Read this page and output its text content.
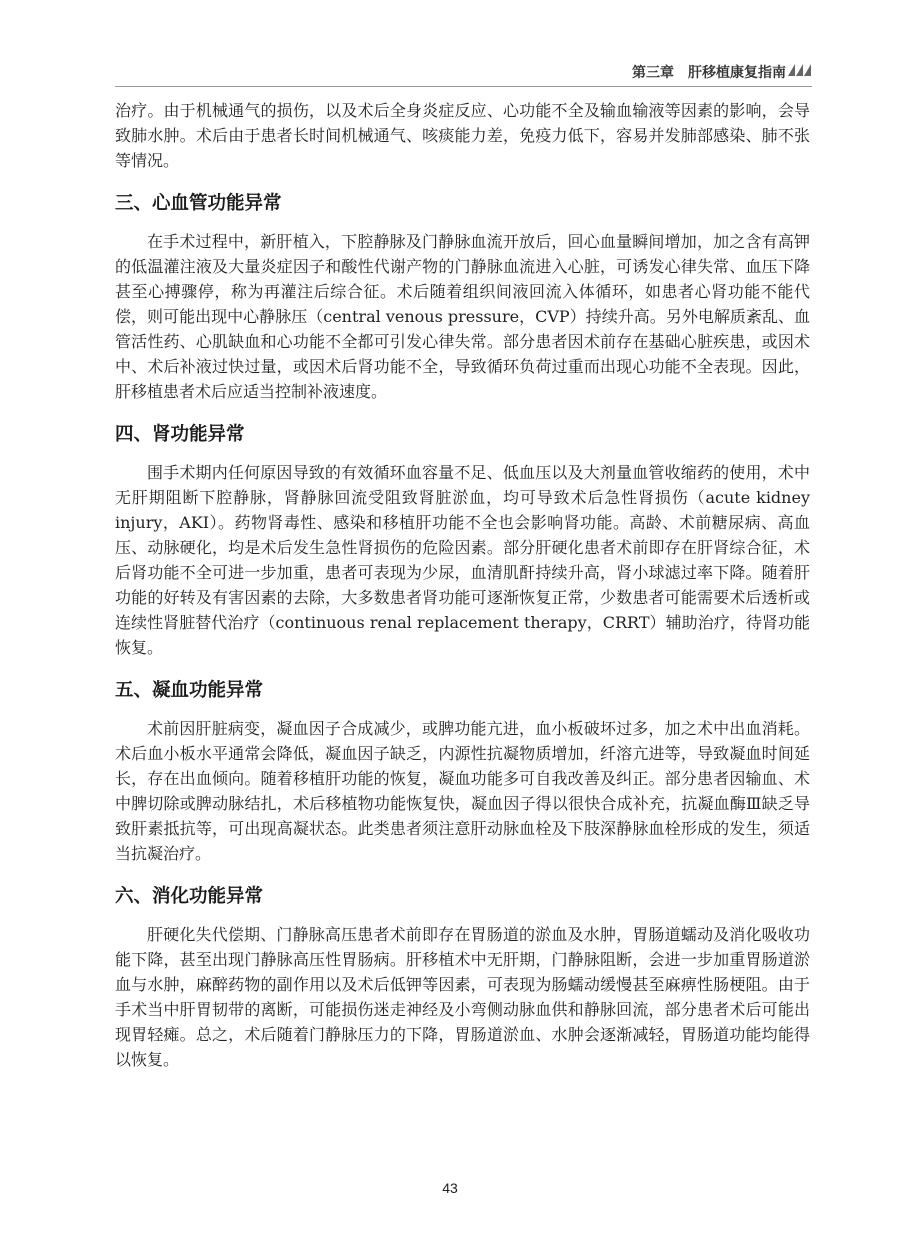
第三章　肝移植康复指南

治疗。由于机械通气的损伤，以及术后全身炎症反应、心功能不全及输血输液等因素的影响，会导致肺水肿。术后由于患者长时间机械通气、咳痰能力差，免疫力低下，容易并发肺部感染、肺不张等情况。

三、心血管功能异常

在手术过程中，新肝植入，下腔静脉及门静脉血流开放后，回心血量瞬间增加，加之含有高钾的低温灌注液及大量炎症因子和酸性代谢产物的门静脉血流进入心脏，可诱发心律失常、血压下降甚至心搏骤停，称为再灌注后综合征。术后随着组织间液回流入体循环，如患者心肾功能不能代偿，则可能出现中心静脉压（central venous pressure，CVP）持续升高。另外电解质紊乱、血管活性药、心肌缺血和心功能不全都可引发心律失常。部分患者因术前存在基础心脏疾患，或因术中、术后补液过快过量，或因术后肾功能不全，导致循环负荷过重而出现心功能不全表现。因此，肝移植患者术后应适当控制补液速度。

四、肾功能异常

围手术期内任何原因导致的有效循环血容量不足、低血压以及大剂量血管收缩药的使用，术中无肝期阻断下腔静脉，肾静脉回流受阻致肾脏淤血，均可导致术后急性肾损伤（acute kidney injury，AKI）。药物肾毒性、感染和移植肝功能不全也会影响肾功能。高龄、术前糖尿病、高血压、动脉硬化，均是术后发生急性肾损伤的危险因素。部分肝硬化患者术前即存在肝肾综合征，术后肾功能不全可进一步加重，患者可表现为少尿，血清肌酐持续升高，肾小球滤过率下降。随着肝功能的好转及有害因素的去除，大多数患者肾功能可逐渐恢复正常，少数患者可能需要术后透析或连续性肾脏替代治疗（continuous renal replacement therapy，CRRT）辅助治疗，待肾功能恢复。

五、凝血功能异常

术前因肝脏病变，凝血因子合成减少，或脾功能亢进，血小板破坏过多，加之术中出血消耗。术后血小板水平通常会降低，凝血因子缺乏，内源性抗凝物质增加，纤溶亢进等，导致凝血时间延长，存在出血倾向。随着移植肝功能的恢复，凝血功能多可自我改善及纠正。部分患者因输血、术中脾切除或脾动脉结扎，术后移植物功能恢复快，凝血因子得以很快合成补充，抗凝血酶Ⅲ缺乏导致肝素抵抗等，可出现高凝状态。此类患者须注意肝动脉血栓及下肢深静脉血栓形成的发生，须适当抗凝治疗。

六、消化功能异常

肝硬化失代偿期、门静脉高压患者术前即存在胃肠道的淤血及水肿，胃肠道蠕动及消化吸收功能下降，甚至出现门静脉高压性胃肠病。肝移植术中无肝期，门静脉阻断，会进一步加重胃肠道淤血与水肿，麻醉药物的副作用以及术后低钾等因素，可表现为肠蠕动缓慢甚至麻痹性肠梗阻。由于手术当中肝胃韧带的离断，可能损伤迷走神经及小弯侧动脉血供和静脉回流，部分患者术后可能出现胃轻瘫。总之，术后随着门静脉压力的下降，胃肠道淤血、水肿会逐渐减轻，胃肠道功能均能得以恢复。

43
